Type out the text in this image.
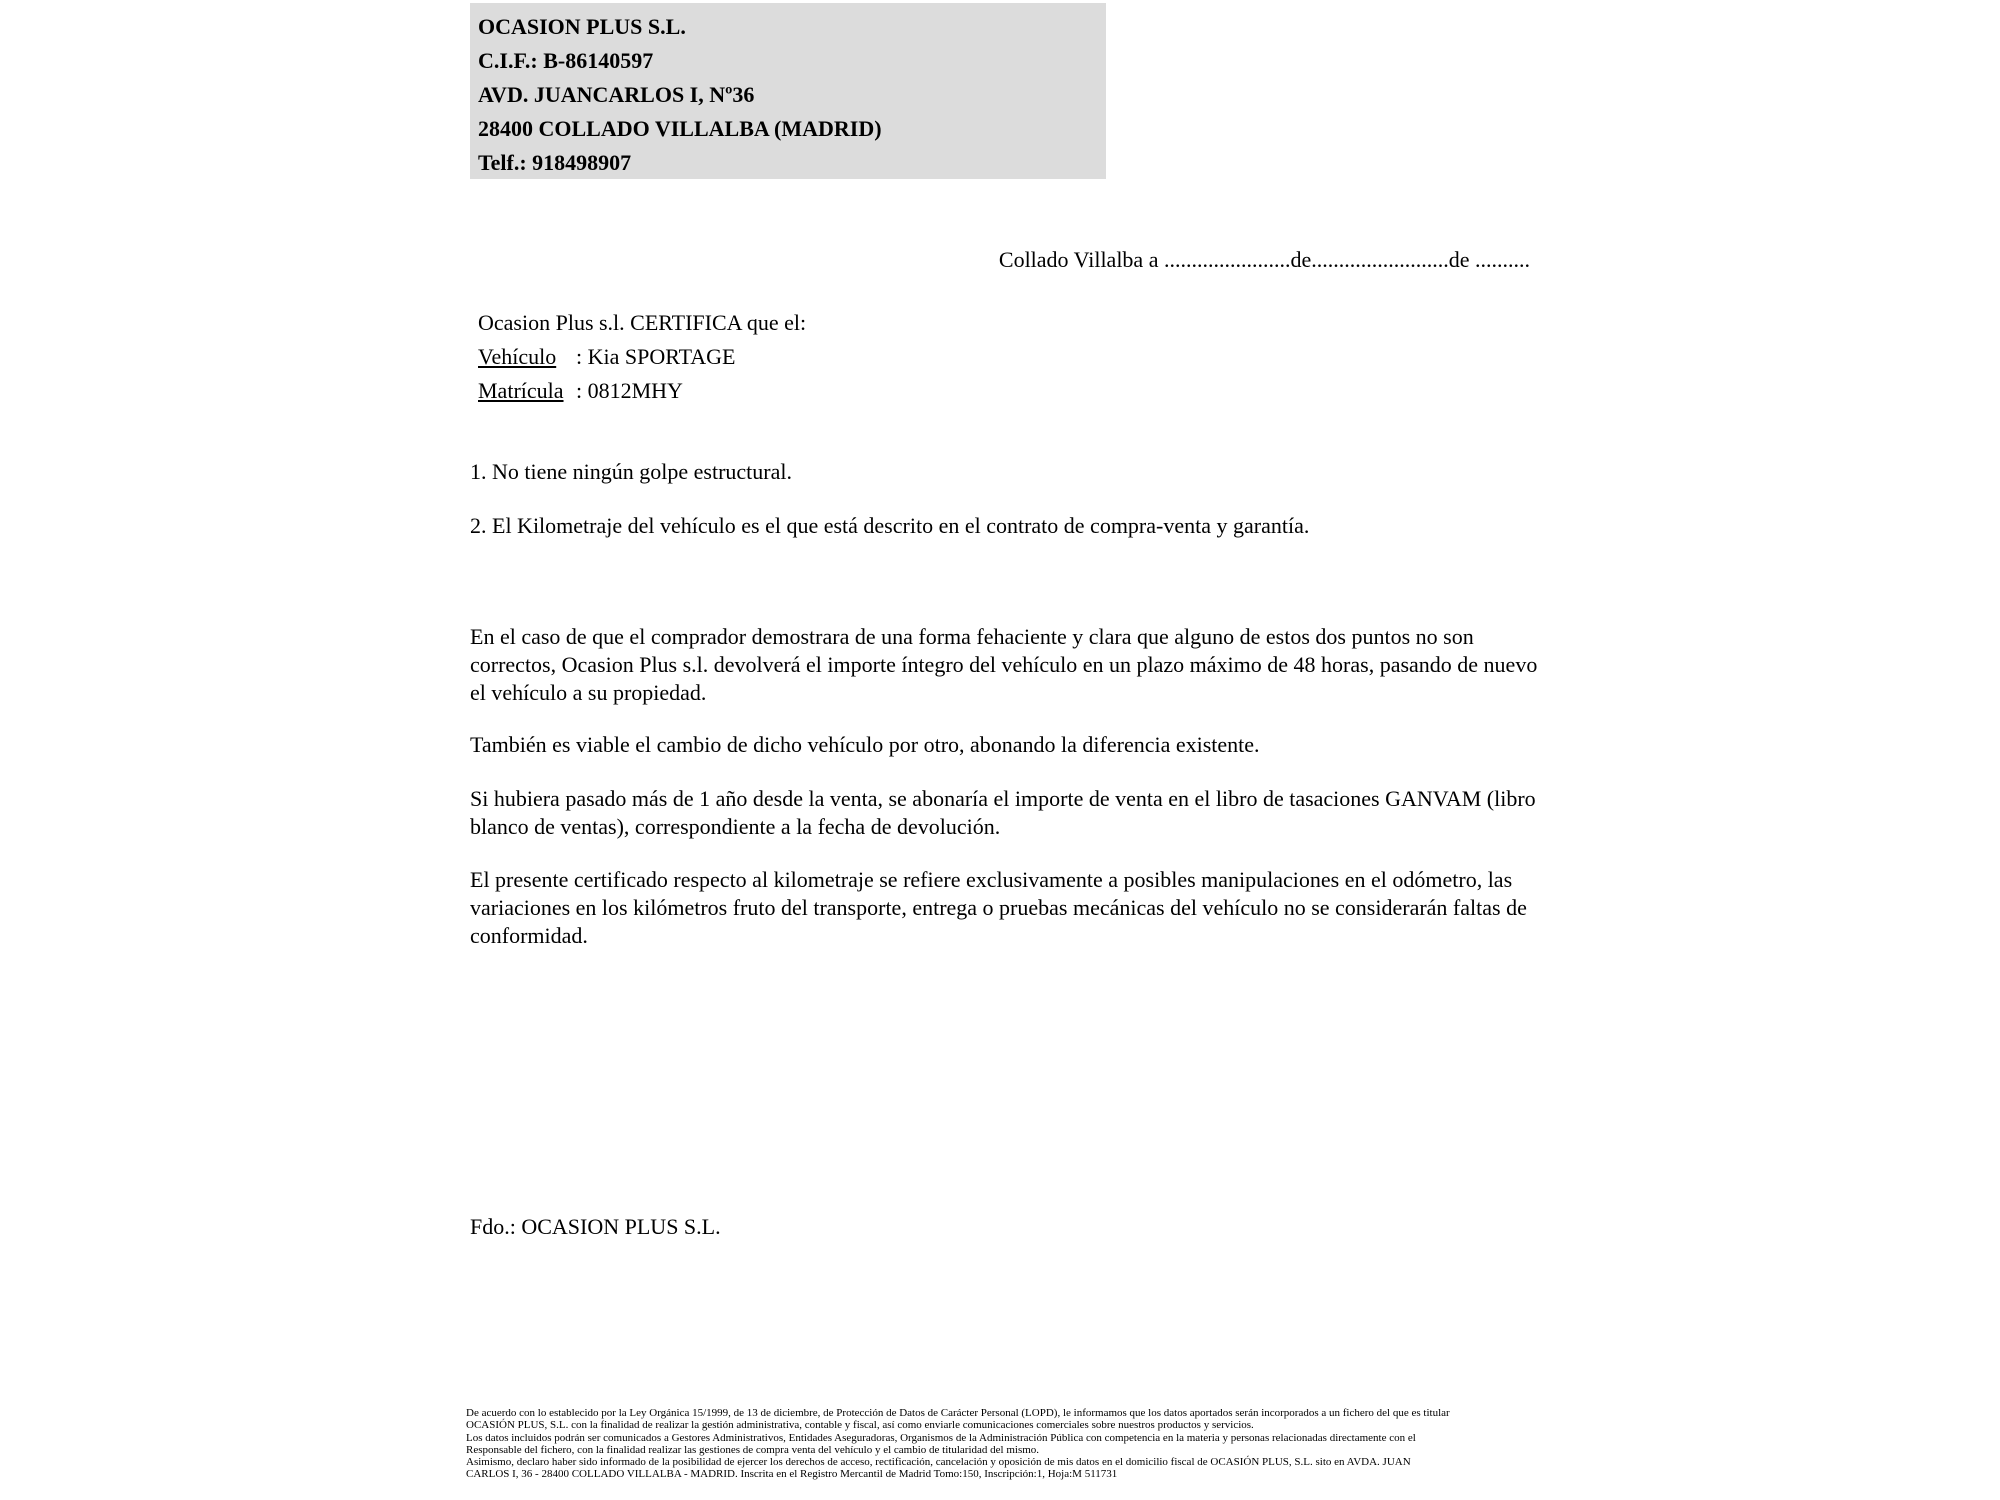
OCASION PLUS S.L.
C.I.F.: B-86140597
AVD. JUANCARLOS I, Nº36
28400 COLLADO VILLALBA (MADRID)
Telf.: 918498907
Collado Villalba a .......................de.........................de ..........
Ocasion Plus s.l. CERTIFICA que el:
Vehículo : Kia SPORTAGE
Matrícula : 0812MHY
1. No tiene ningún golpe estructural.
2. El Kilometraje del vehículo es el que está descrito en el contrato de compra-venta y garantía.
En el caso de que el comprador demostrara de una forma fehaciente y clara que alguno de estos dos puntos no son correctos, Ocasion Plus s.l. devolverá el importe íntegro del vehículo en un plazo máximo de 48 horas, pasando de nuevo el vehículo a su propiedad.
También es viable el cambio de dicho vehículo por otro, abonando la diferencia existente.
Si hubiera pasado más de 1 año desde la venta, se abonaría el importe de venta en el libro de tasaciones GANVAM (libro blanco de ventas), correspondiente a la fecha de devolución.
El presente certificado respecto al kilometraje se refiere exclusivamente a posibles manipulaciones en el odómetro, las variaciones en los kilómetros fruto del transporte, entrega o pruebas mecánicas del vehículo no se considerarán faltas de conformidad.
Fdo.: OCASION PLUS S.L.
De acuerdo con lo establecido por la Ley Orgánica 15/1999, de 13 de diciembre, de Protección de Datos de Carácter Personal (LOPD), le informamos que los datos aportados serán incorporados a un fichero del que es titular
OCASIÓN PLUS, S.L. con la finalidad de realizar la gestión administrativa, contable y fiscal, así como enviarle comunicaciones comerciales sobre nuestros productos y servicios.
Los datos incluidos podrán ser comunicados a Gestores Administrativos, Entidades Aseguradoras, Organismos de la Administración Pública con competencia en la materia y personas relacionadas directamente con el
Responsable del fichero, con la finalidad realizar las gestiones de compra venta del vehículo y el cambio de titularidad del mismo.
Asimismo, declaro haber sido informado de la posibilidad de ejercer los derechos de acceso, rectificación, cancelación y oposición de mis datos en el domicilio fiscal de OCASIÓN PLUS, S.L. sito en AVDA. JUAN
CARLOS I, 36 - 28400 COLLADO VILLALBA - MADRID. Inscrita en el Registro Mercantil de Madrid Tomo:150, Inscripción:1, Hoja:M 511731
